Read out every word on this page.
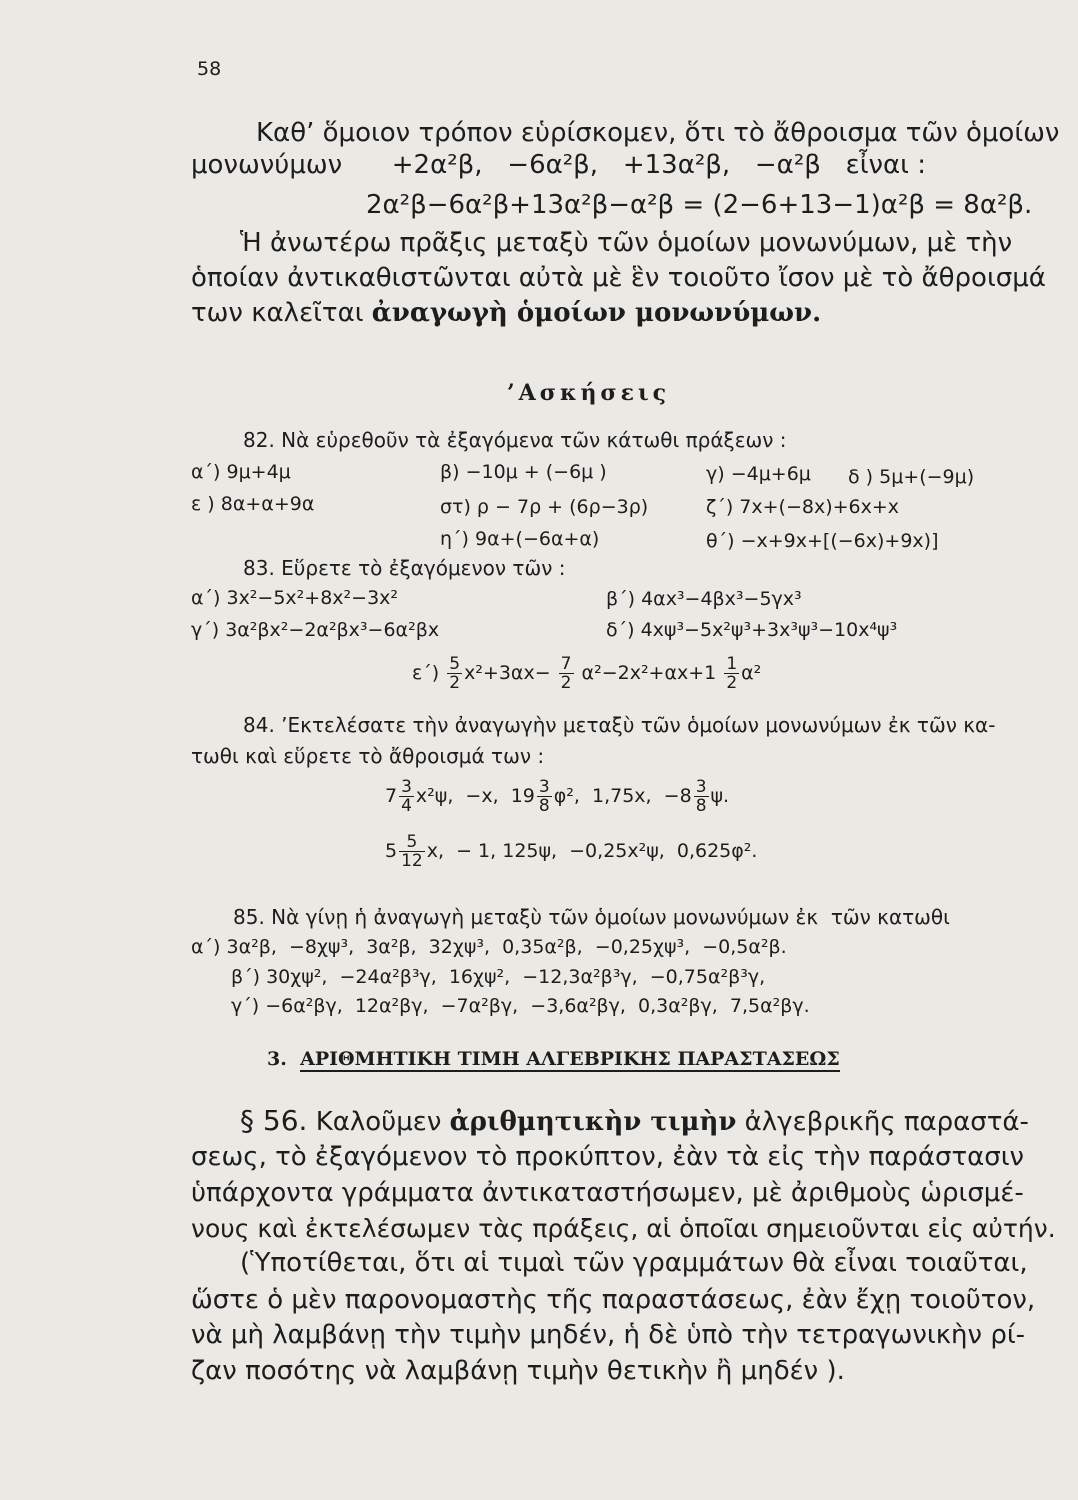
58
Καθ’ ὅμοιον τρόπον εὑρίσκομεν, ὅτι τὸ ἄθροισμα τῶν ὁμοίων
μονωνύμων      +2α²β,   −6α²β,   +13α²β,   −α²β   εἶναι :
2α²β−6α²β+13α²β−α²β = (2−6+13−1)α²β = 8α²β.
Ἡ ἀνωτέρω πρᾶξις μεταξὺ τῶν ὁμοίων μονωνύμων, μὲ τὴν
ὁποίαν ἀντικαθιστῶνται αὐτὰ μὲ ἓν τοιοῦτο ἴσον μὲ τὸ ἄθροισμά
των καλεῖται ἀναγωγὴ ὁμοίων μονωνύμων.
’Ασκήσεις
82. Νὰ εὑρεθοῦν τὰ ἐξαγόμενα τῶν κάτωθι πράξεων :
α΄) 9μ+4μ	β) −10μ + (−6μ )	γ) −4μ+6μ δ ) 5μ+(−9μ)
ε ) 8α+α+9α	στ) ρ − 7ρ + (6ρ−3ρ)	ζ΄) 7x+(−8x)+6x+x
η΄) 9α+(−6α+α)	θ΄) −x+9x+[(−6x)+9x)]
83. Εὕρετε τὸ ἐξαγόμενον τῶν :
α΄) 3x²−5x²+8x²−3x²	β΄) 4αx³−4βx³−5γx³
γ΄) 3α²βx²−2α²βx³−6α²βx	δ΄) 4xψ³−5x²ψ³+3x³ψ³−10x⁴ψ³
$\varepsilon΄) \frac{5}{2} x^2+3\alpha x- \frac{7}{2} \alpha^2-2x^2+\alpha x+1 \frac{1}{2} \alpha^2$
84. ’Εκτελέσατε τὴν ἀναγωγὴν μεταξὺ τῶν ὁμοίων μονωνύμων ἐκ τῶν κα-
τωθι καὶ εὕρετε τὸ ἄθροισμά των :
$7 \frac{3}{4} x^2\psi$,  −x,  $19 \frac{3}{8} \varphi^2$,  1,75x,  $-8 \frac{3}{8} \psi$.
$5 \frac{5}{12} x$,  − 1, 125ψ,  −0,25x²ψ,  0,625φ².
85. Νὰ γίνῃ ἡ ἀναγωγὴ μεταξὺ τῶν ὁμοίων μονωνύμων ἐκ  τῶν κατωθι
α΄) 3α²β,  −8χψ³,  3α²β,  32χψ³,  0,35α²β,  −0,25χψ³,  −0,5α²β.
β΄) 30χψ²,  −24α²β³γ,  16χψ²,  −12,3α²β³γ,  −0,75α²β³γ,
γ΄) −6α²βγ,  12α²βγ,  −7α²βγ,  −3,6α²βγ,  0,3α²βγ,  7,5α²βγ.
3. ΑΡΙΘΜΗΤΙΚΗ ΤΙΜΗ ΑΛΓΕΒΡΙΚΗΣ ΠΑΡΑΣΤΑΣΕΩΣ
§ 56. Καλοῦμεν ἀριθμητικὴν τιμὴν ἀλγεβρικῆς παραστά-
σεως, τὸ ἐξαγόμενον τὸ προκύπτον, ἐὰν τὰ εἰς τὴν παράστασιν
ὑπάρχοντα γράμματα ἀντικαταστήσωμεν, μὲ ἀριθμοὺς ὡρισμέ-
νους καὶ ἐκτελέσωμεν τὰς πράξεις, αἱ ὁποῖαι σημειοῦνται εἰς αὐτήν.
(Ὑποτίθεται, ὅτι αἱ τιμαὶ τῶν γραμμάτων θὰ εἶναι τοιαῦται,
ὥστε ὁ μὲν παρονομαστὴς τῆς παραστάσεως, ἐὰν ἔχῃ τοιοῦτον,
νὰ μὴ λαμβάνῃ τὴν τιμὴν μηδέν, ἡ δὲ ὑπὸ τὴν τετραγωνικὴν ρί-
ζαν ποσότης νὰ λαμβάνῃ τιμὴν θετικὴν ἢ μηδέν ).
